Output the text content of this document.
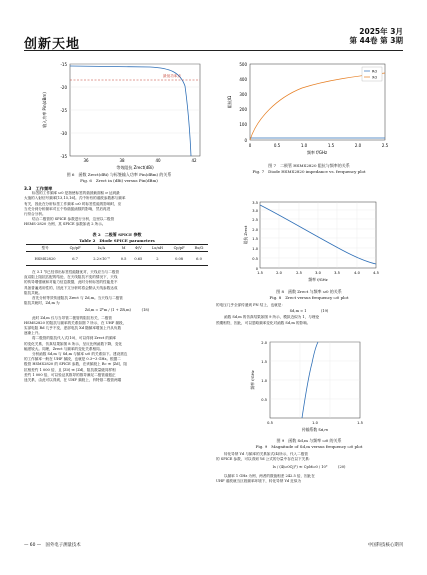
创新天地
2025年 3月
第 44卷 第 3期
-15
-20
-25
-30
-35
36	38	40	42
等效阻抗 Zrect(dBi)
输入功率 Pin(dBm)
最低功率点
图 6　函数 Zrect(dBi) 与标签输入功率 Pin(dBm) 的关系
Fig. 6　Zrect in (dBi) versus Pin(dBm)
3.3　工作频率
标签的工作频率 ω0 是指使标签的谐波截面积 σ 达到最
大值的入射信号频率[13,15,16]。式中所有的谐波参数都与频率
有关，因此在分析标签工作频率 ω0 时标签性能的影响时，应
当充分到分析频率对五个待谐振函数的影响，然后再进
行综合分析。
结合二极管的 SPICE 参数进行分析，这里以二极管
HSMS-2820 为例，其 SPICE 参数如表 2 所示。
表 2　二极管 SPICE 参数
Table 2　Diode SPICE parameters
型号	Cp/pF	Is/A	M	Φ/V	Ls/nH	Cp/pF	Rs/Ω
HSMS2820	6.7	2.2×10⁻⁸	0.5	0.65	2	0.08	6.0
在 3.1 节已经得出标签性能随优对，天线应当与二极管
直双阻上阻抗匹配的结论，在天线阻抗不变的情况下，天线
的传导增强就和对能力信息数据，此时分析标签的性能是不
具备普遍适用性的，因此下文分析时将会默认天线参数达成
阻抗共轭。
首先分析等效传递阻抗 Zrect 与 Zd,m。当天线与二极管
阻抗共轭时，Zd,m 为
Zd,m = Z*m / (1 + ZR,m)　　　(18)
此时 Zd,m 仅与当导管二极管的阻抗有关，二极管
HSMS2820 的阻抗与频率的关系如图 7 所示，在 UHF 频段，
实部电阻 Rd 几乎不变，虚部电抗 Xd 随频率增加上升从负数
逐渐上升。
将二极管的阻抗代入式(10)，可以得到 Zrect 的频率
的变化关系，仿真结果如图 8 所示，呈反比例函数下降，变化
幅度较大。同理，Zrect 与频率的变化关系相同。
分析函数 Sd,m 与 Sd,m 与频率 ω0 的关系如下。建设需边
的工作频率一般在 UHF 频段，也就是 0.3~3 GHz。根据二
极管 HSMS2820 的 SPICE 参数，在该频段上 Rc ≪ |Zd|，阻
抗相差约 1 000 倍，且 |Z0| ≪ |Zd|，阻抗数量级同样相
差约 1 000 倍，可以验证其推导的推导满足二极管谐振正
迷关系，由此可以得到，在 UHF 频段上，肖特基二极管两端
500
400
300
200
100
0
0	0.5	1.0	1.5	2.0	2.5
频率 f/GHz
阻抗/Ω
Rd
Xd
图 7　二极管 HSMS2820 阻抗与频率的关系
Fig. 7　Diode HSMS2820 impedance vs. frequency plot
3.5
3.0
2.5
2.0
1.5
1.0
0.5
0
1.5	2.0	2.5	3.0	3.5	4.0	4.5
频率 f/GHz
阻抗 Zrect
图 8　函数 Zrect 与频率 ω0 的关系
Fig. 8　Zrect versus frequency ω0 plot
的电压几乎全部传递到 PN 结上，也就是：
Sd,m ≈ 1　　　　(19)
函数 Sd,m 的仿真结果如图 9 所示，模拟近似为 1，与理论
预期相符，因此，可以忽略频率变化对函数 Sd,m 的影响。
2.0
1.5
1.0
0.5
0.5	1.0	1.5
传输系数 Sd,m
频率 f/GHz
图 9　函数 Sd,m 与频率 ω0 的关系
Fig. 9　Magnitude of Sd,m versus frequency ω0 plot
转化导纳 Yd 与频率的关系如式(4)所示，代入二极管
的 SPICE 参数，可以得到 Yd 公式的分量中存在以下关系：
Is / (4(ω0Cj)²) ≪ CpMω0 / 10⁶　　　(20)
以频率 1 GHz 为例，两者的数值相差 242.5 倍，因此在
UHF 谐波就当区段频率环境下，转化导纳 Yd 近似为
— 60 —　国外电子测量技术	中国科技核心期刊
